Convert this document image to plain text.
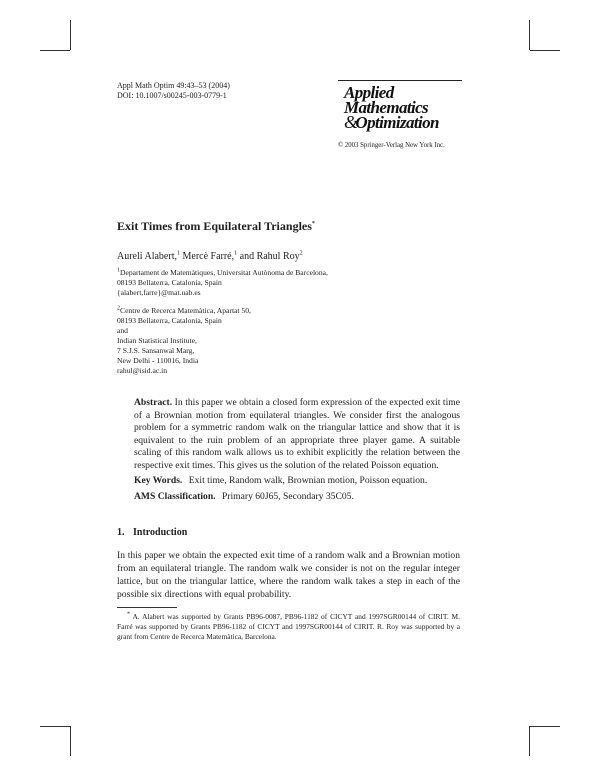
Appl Math Optim 49:43–53 (2004)
DOI: 10.1007/s00245-003-0779-1	Applied
Mathematics
&Optimization
© 2003 Springer-Verlag New York Inc.
Exit Times from Equilateral Triangles*
Aureli Alabert,$^1$ Mercè Farré,$^1$ and Rahul Roy$^2$
$^1$Departament de Matemàtiques, Universitat Autònoma de Barcelona,
08193 Bellaterra, Catalonia, Spain
{alabert,farre}@mat.uab.es
$^2$Centre de Recerca Matemàtica, Apartat 50,
08193 Bellaterra, Catalonia, Spain
and
Indian Statistical Institute,
7 S.J.S. Sansanwal Marg,
New Delhi - 110016, India
rahul@isid.ac.in
Abstract. In this paper we obtain a closed form expression of the expected exit time of a Brownian motion from equilateral triangles. We consider first the analogous problem for a symmetric random walk on the triangular lattice and show that it is equivalent to the ruin problem of an appropriate three player game. A suitable scaling of this random walk allows us to exhibit explicitly the relation between the respective exit times. This gives us the solution of the related Poisson equation.
Key Words. Exit time, Random walk, Brownian motion, Poisson equation.
AMS Classification. Primary 60J65, Secondary 35C05.
1. Introduction
In this paper we obtain the expected exit time of a random walk and a Brownian motion from an equilateral triangle. The random walk we consider is not on the regular integer lattice, but on the triangular lattice, where the random walk takes a step in each of the possible six directions with equal probability.
* A. Alabert was supported by Grants PB96-0087, PB96-1182 of CICYT and 1997SGR00144 of CIRIT. M. Farré was supported by Grants PB96-1182 of CICYT and 1997SGR00144 of CIRIT. R. Roy was supported by a grant from Centre de Recerca Matemàtica, Barcelona.
